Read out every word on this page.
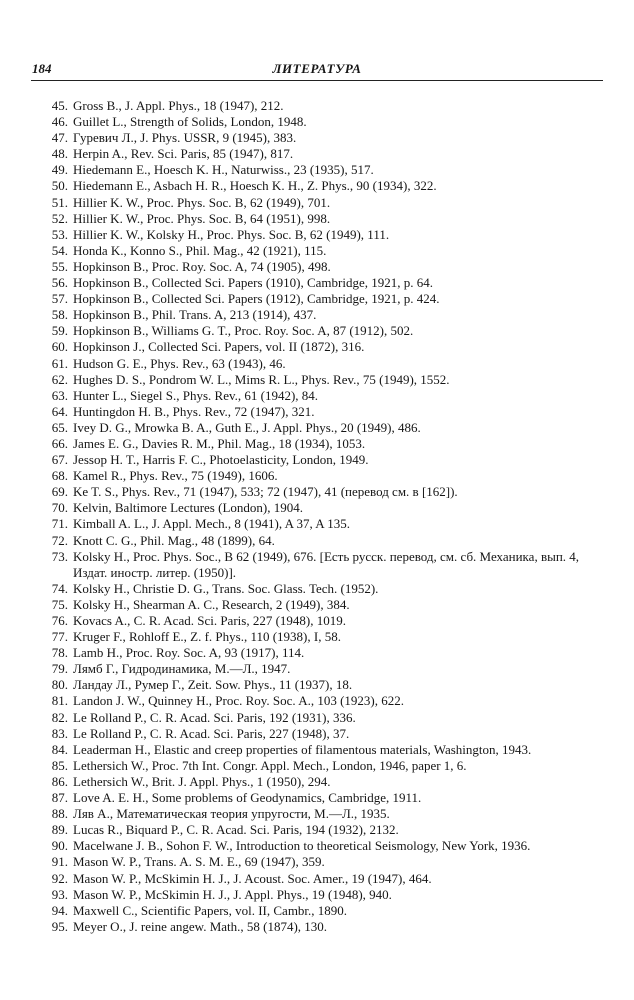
184	ЛИТЕРАТУРА
45. Gross B., J. Appl. Phys., 18 (1947), 212.
46. Guillet L., Strength of Solids, London, 1948.
47. Гуревич Л., J. Phys. USSR, 9 (1945), 383.
48. Herpin A., Rev. Sci. Paris, 85 (1947), 817.
49. Hiedemann E., Hoesch K. H., Naturwiss., 23 (1935), 517.
50. Hiedemann E., Asbach H. R., Hoesch K. H., Z. Phys., 90 (1934), 322.
51. Hillier K. W., Proc. Phys. Soc. B, 62 (1949), 701.
52. Hillier K. W., Proc. Phys. Soc. B, 64 (1951), 998.
53. Hillier K. W., Kolsky H., Proc. Phys. Soc. B, 62 (1949), 111.
54. Honda K., Konno S., Phil. Mag., 42 (1921), 115.
55. Hopkinson B., Proc. Roy. Soc. A, 74 (1905), 498.
56. Hopkinson B., Collected Sci. Papers (1910), Cambridge, 1921, p. 64.
57. Hopkinson B., Collected Sci. Papers (1912), Cambridge, 1921, p. 424.
58. Hopkinson B., Phil. Trans. A, 213 (1914), 437.
59. Hopkinson B., Williams G. T., Proc. Roy. Soc. A, 87 (1912), 502.
60. Hopkinson J., Collected Sci. Papers, vol. II (1872), 316.
61. Hudson G. E., Phys. Rev., 63 (1943), 46.
62. Hughes D. S., Pondrom W. L., Mims R. L., Phys. Rev., 75 (1949), 1552.
63. Hunter L., Siegel S., Phys. Rev., 61 (1942), 84.
64. Huntingdon H. B., Phys. Rev., 72 (1947), 321.
65. Ivey D. G., Mrowka B. A., Guth E., J. Appl. Phys., 20 (1949), 486.
66. James E. G., Davies R. M., Phil. Mag., 18 (1934), 1053.
67. Jessop H. T., Harris F. C., Photoelasticity, London, 1949.
68. Kamel R., Phys. Rev., 75 (1949), 1606.
69. Ke T. S., Phys. Rev., 71 (1947), 533; 72 (1947), 41 (перевод см. в [162]).
70. Kelvin, Baltimore Lectures (London), 1904.
71. Kimball A. L., J. Appl. Mech., 8 (1941), A 37, A 135.
72. Knott C. G., Phil. Mag., 48 (1899), 64.
73. Kolsky H., Proc. Phys. Soc., B 62 (1949), 676. [Есть русск. перевод, см. сб. Механика, вып. 4, Издат. иностр. литер. (1950)].
74. Kolsky H., Christie D. G., Trans. Soc. Glass. Tech. (1952).
75. Kolsky H., Shearman A. C., Research, 2 (1949), 384.
76. Kovacs A., C. R. Acad. Sci. Paris, 227 (1948), 1019.
77. Kruger F., Rohloff E., Z. f. Phys., 110 (1938), I, 58.
78. Lamb H., Proc. Roy. Soc. A, 93 (1917), 114.
79. Лямб Г., Гидродинамика, М.—Л., 1947.
80. Ландау Л., Румер Г., Zeit. Sow. Phys., 11 (1937), 18.
81. Landon J. W., Quinney H., Proc. Roy. Soc. A., 103 (1923), 622.
82. Le Rolland P., C. R. Acad. Sci. Paris, 192 (1931), 336.
83. Le Rolland P., C. R. Acad. Sci. Paris, 227 (1948), 37.
84. Leaderman H., Elastic and creep properties of filamentous materials, Washington, 1943.
85. Lethersich W., Proc. 7th Int. Congr. Appl. Mech., London, 1946, paper 1, 6.
86. Lethersich W., Brit. J. Appl. Phys., 1 (1950), 294.
87. Love A. E. H., Some problems of Geodynamics, Cambridge, 1911.
88. Ляв А., Математическая теория упругости, М.—Л., 1935.
89. Lucas R., Biquard P., C. R. Acad. Sci. Paris, 194 (1932), 2132.
90. Macelwane J. B., Sohon F. W., Introduction to theoretical Seismology, New York, 1936.
91. Mason W. P., Trans. A. S. M. E., 69 (1947), 359.
92. Mason W. P., McSkimin H. J., J. Acoust. Soc. Amer., 19 (1947), 464.
93. Mason W. P., McSkimin H. J., J. Appl. Phys., 19 (1948), 940.
94. Maxwell C., Scientific Papers, vol. II, Cambr., 1890.
95. Meyer O., J. reine angew. Math., 58 (1874), 130.
